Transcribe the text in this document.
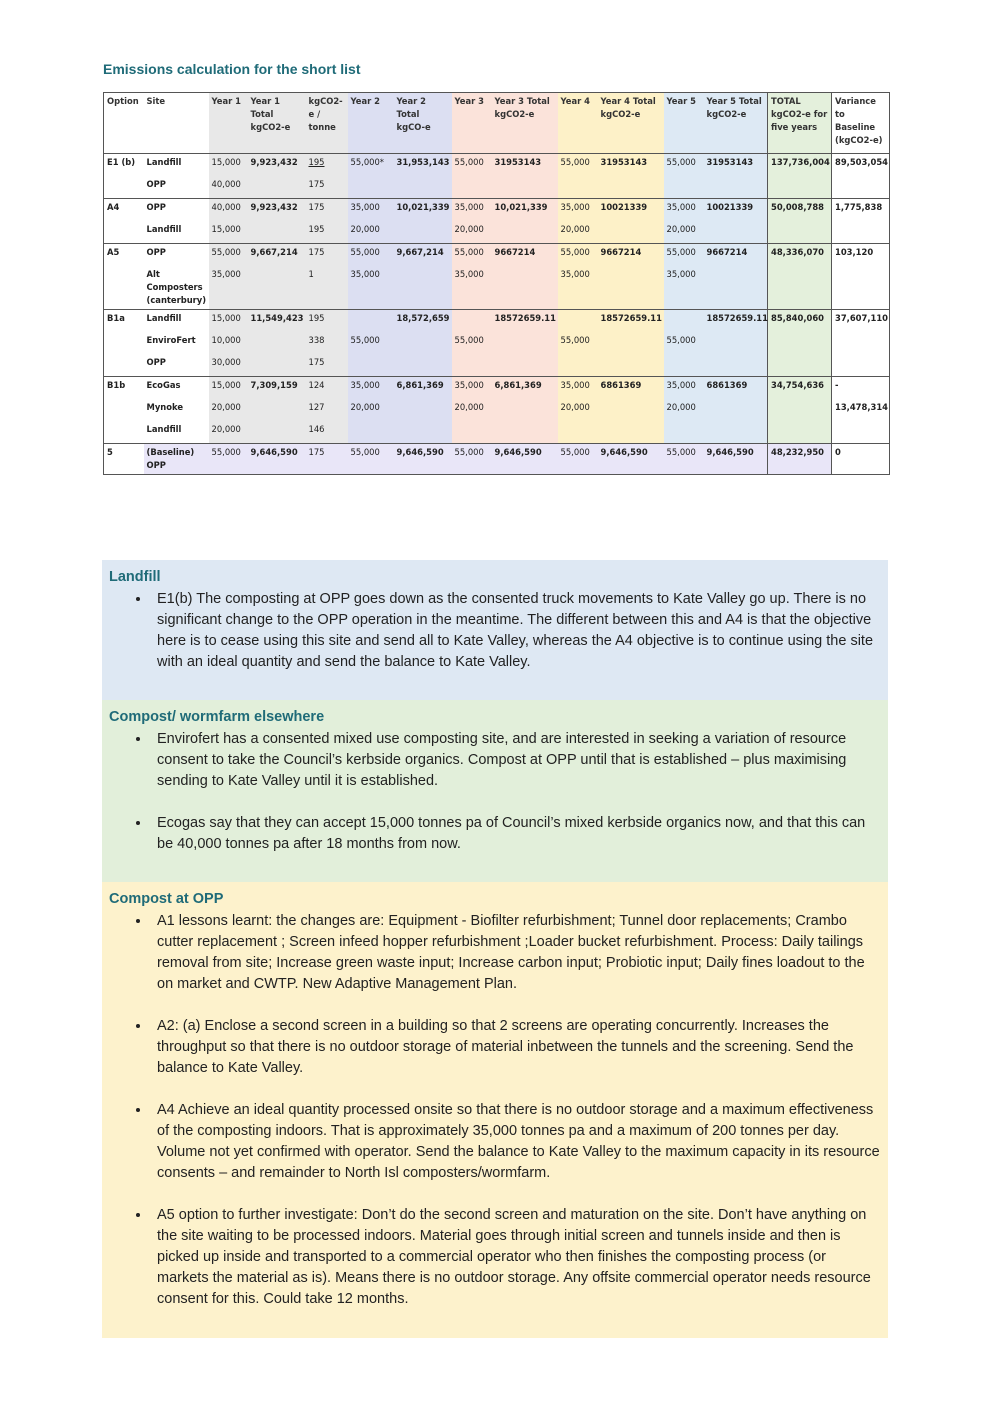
Emissions calculation for the short list
Option	Site	Year 1	Year 1 Total kgCO2-e	kgCO2-e / tonne	Year 2	Year 2 Total kgCO-e	Year 3	Year 3 Total kgCO2-e	Year 4	Year 4 Total kgCO2-e	Year 5	Year 5 Total kgCO2-e	TOTAL kgCO2-e for five years	Variance to Baseline (kgCO2-e)
E1 (b)	Landfill	15,000	9,923,432	195	55,000*	31,953,143	55,000	31953143	55,000	31953143	55,000	31953143	137,736,004	89,503,054
	OPP	40,000		175										
A4	OPP	40,000	9,923,432	175	35,000	10,021,339	35,000	10,021,339	35,000	10021339	35,000	10021339	50,008,788	1,775,838
	Landfill	15,000		195	20,000		20,000		20,000		20,000			
A5	OPP	55,000	9,667,214	175	55,000	9,667,214	55,000	9667214	55,000	9667214	55,000	9667214	48,336,070	103,120
	Alt Composters (canterbury)	35,000		1	35,000		35,000		35,000		35,000			
B1a	Landfill	15,000	11,549,423	195		18,572,659		18572659.11		18572659.11		18572659.11	85,840,060	37,607,110
	EnviroFert	10,000		338	55,000		55,000		55,000		55,000			
	OPP	30,000		175										
B1b	EcoGas	15,000	7,309,159	124	35,000	6,861,369	35,000	6,861,369	35,000	6861369	35,000	6861369	34,754,636	-
	Mynoke	20,000		127	20,000		20,000		20,000		20,000			13,478,314
	Landfill	20,000		146										
5	(Baseline) OPP	55,000	9,646,590	175	55,000	9,646,590	55,000	9,646,590	55,000	9,646,590	55,000	9,646,590	48,232,950	0
Landfill
• E1(b) The composting at OPP goes down as the consented truck movements to Kate Valley go up. There is no significant change to the OPP operation in the meantime. The different between this and A4 is that the objective here is to cease using this site and send all to Kate Valley, whereas the A4 objective is to continue using the site with an ideal quantity and send the balance to Kate Valley.
Compost/ wormfarm elsewhere
• Envirofert has a consented mixed use composting site, and are interested in seeking a variation of resource consent to take the Council’s kerbside organics. Compost at OPP until that is established – plus maximising sending to Kate Valley until it is established.
• Ecogas say that they can accept 15,000 tonnes pa of Council’s mixed kerbside organics now, and that this can be 40,000 tonnes pa after 18 months from now.
Compost at OPP
• A1 lessons learnt: the changes are: Equipment - Biofilter refurbishment; Tunnel door replacements; Crambo cutter replacement ; Screen infeed hopper refurbishment ;Loader bucket refurbishment. Process: Daily tailings removal from site; Increase green waste input; Increase carbon input; Probiotic input; Daily fines loadout to the on market and CWTP. New Adaptive Management Plan.
• A2: (a) Enclose a second screen in a building so that 2 screens are operating concurrently. Increases the throughput so that there is no outdoor storage of material inbetween the tunnels and the screening. Send the balance to Kate Valley.
• A4 Achieve an ideal quantity processed onsite so that there is no outdoor storage and a maximum effectiveness of the composting indoors. That is approximately 35,000 tonnes pa and a maximum of 200 tonnes per day. Volume not yet confirmed with operator. Send the balance to Kate Valley to the maximum capacity in its resource consents – and remainder to North Isl composters/wormfarm.
• A5 option to further investigate: Don’t do the second screen and maturation on the site. Don’t have anything on the site waiting to be processed indoors. Material goes through initial screen and tunnels inside and then is picked up inside and transported to a commercial operator who then finishes the composting process (or markets the material as is). Means there is no outdoor storage. Any offsite commercial operator needs resource consent for this. Could take 12 months.
